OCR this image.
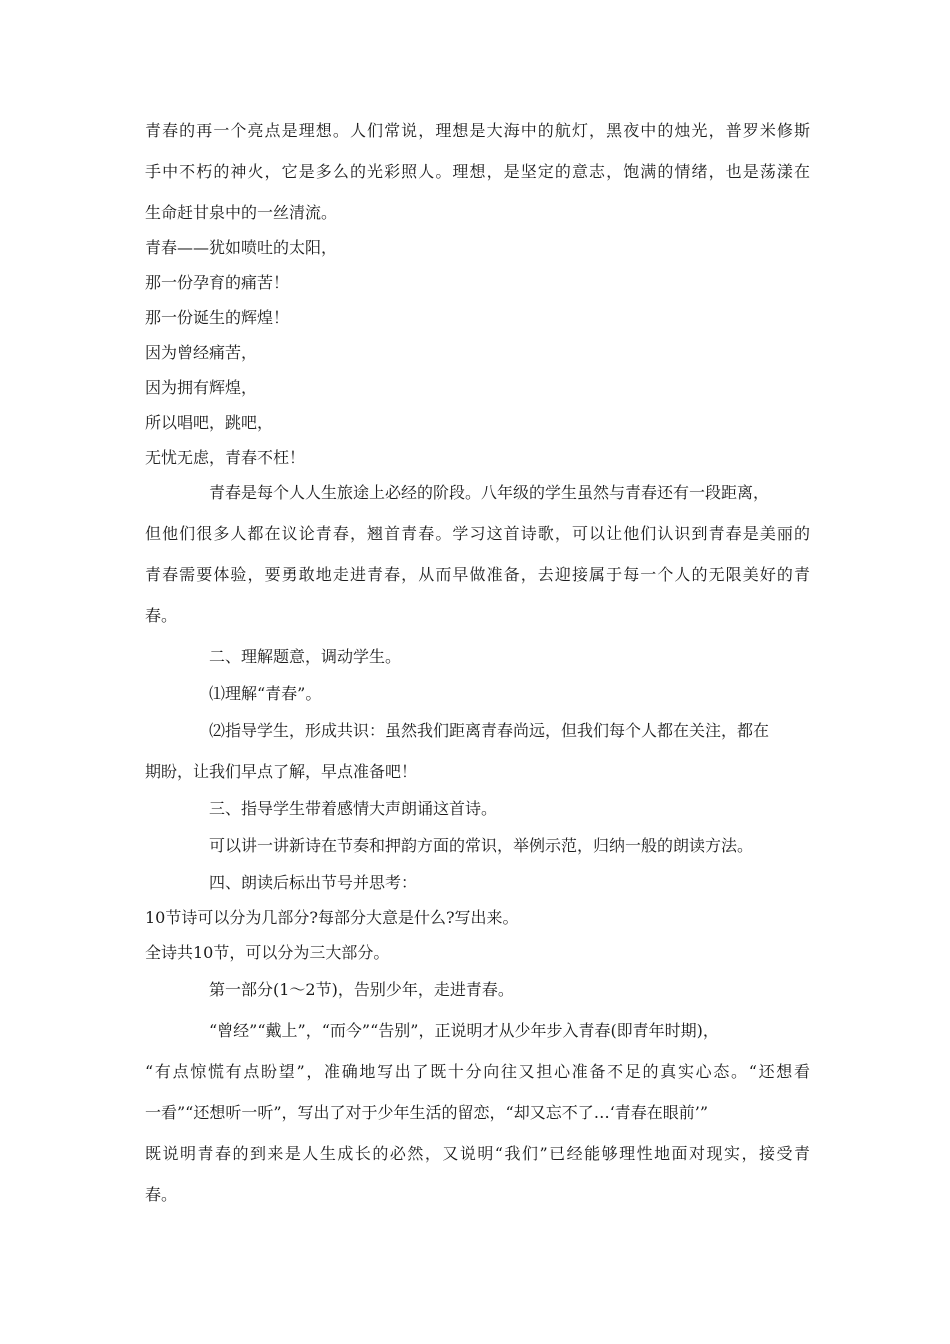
青春的再一个亮点是理想。人们常说，理想是大海中的航灯，黑夜中的烛光，普罗米修斯

手中不朽的神火，它是多么的光彩照人。理想，是坚定的意志，饱满的情绪，也是荡漾在

生命赶甘泉中的一丝清流。

青春——犹如喷吐的太阳，

那一份孕育的痛苦！

那一份诞生的辉煌！

因为曾经痛苦，

因为拥有辉煌，

所以唱吧，跳吧，

无忧无虑，青春不枉！

青春是每个人人生旅途上必经的阶段。八年级的学生虽然与青春还有一段距离，

但他们很多人都在议论青春，翘首青春。学习这首诗歌，可以让他们认识到青春是美丽的

青春需要体验，要勇敢地走进青春，从而早做准备，去迎接属于每一个人的无限美好的青

春。

二、理解题意，调动学生。

⑴理解“青春”。

⑵指导学生，形成共识：虽然我们距离青春尚远，但我们每个人都在关注，都在

期盼，让我们早点了解，早点准备吧！

三、指导学生带着感情大声朗诵这首诗。

可以讲一讲新诗在节奏和押韵方面的常识，举例示范，归纳一般的朗读方法。

四、朗读后标出节号并思考：

10节诗可以分为几部分?每部分大意是什么?写出来。

全诗共10节，可以分为三大部分。

第一部分(1～2节)，告别少年，走进青春。

“曾经”“戴上”，“而今”“告别”，正说明才从少年步入青春(即青年时期)，

“有点惊慌有点盼望”，准确地写出了既十分向往又担心准备不足的真实心态。“还想看

一看”“还想听一听”，写出了对于少年生活的留恋，“却又忘不了…‘青春在眼前’”

既说明青春的到来是人生成长的必然，又说明“我们”已经能够理性地面对现实，接受青

春。
